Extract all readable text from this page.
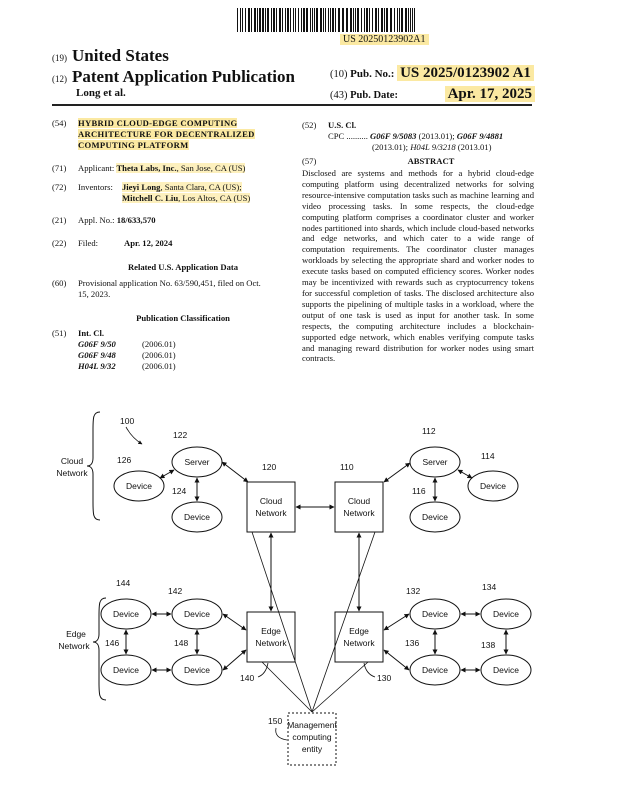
US 20250123902A1
(19) United States
(12) Patent Application Publication
Long et al.
(10) Pub. No.: US 2025/0123902 A1
(43) Pub. Date:	Apr. 17, 2025
(54) HYBRID CLOUD-EDGE COMPUTING
ARCHITECTURE FOR DECENTRALIZED
COMPUTING PLATFORM
(71) Applicant: Theta Labs, Inc., San Jose, CA (US)
(72) Inventors: Jieyi Long, Santa Clara, CA (US);
Mitchell C. Liu, Los Altos, CA (US)
(21) Appl. No.: 18/633,570
(22) Filed:	Apr. 12, 2024
Related U.S. Application Data
(60) Provisional application No. 63/590,451, filed on Oct.
15, 2023.
Publication Classification
(51) Int. Cl.
G06F 9/50	(2006.01)
G06F 9/48	(2006.01)
H04L 9/32	(2006.01)
(52) U.S. Cl.
CPC .......... G06F 9/5083 (2013.01); G06F 9/4881
(2013.01); H04L 9/3218 (2013.01)
(57)	ABSTRACT
Disclosed are systems and methods for a hybrid cloud-edge computing platform using decentralized networks for solving resource-intensive computation tasks such as machine learning and video processing tasks. In some respects, the cloud-edge computing platform comprises a coordinator cluster and worker nodes partitioned into shards, which include cloud-based networks and edge networks, and which cater to a wide range of computation requirements. The coordinator cluster manages workloads by selecting the appropriate shard and worker nodes to execute tasks based on computed efficiency scores. Worker nodes may be incentivized with rewards such as cryptocurrency tokens for successful completion of tasks. The disclosed architecture also supports the pipelining of multiple tasks in a workload, where the output of one task is used as input for another task. In some respects, the computing architecture includes a blockchain-supported edge network, which enables verifying compute tasks and managing reward distribution for worker nodes using smart contracts.
Cloud
Network
Edge
Network
100
Server
122
Device
126
Device
124
Cloud
Network
120
Cloud
Network
110	Server
112
Device
114
Device
116
Edge
Network
Edge
Network
140	130
Device
144
Device
142
Device
146
Device
148
Device
132
Device
134
Device
136
Device
138
Management
computing
entity
150
